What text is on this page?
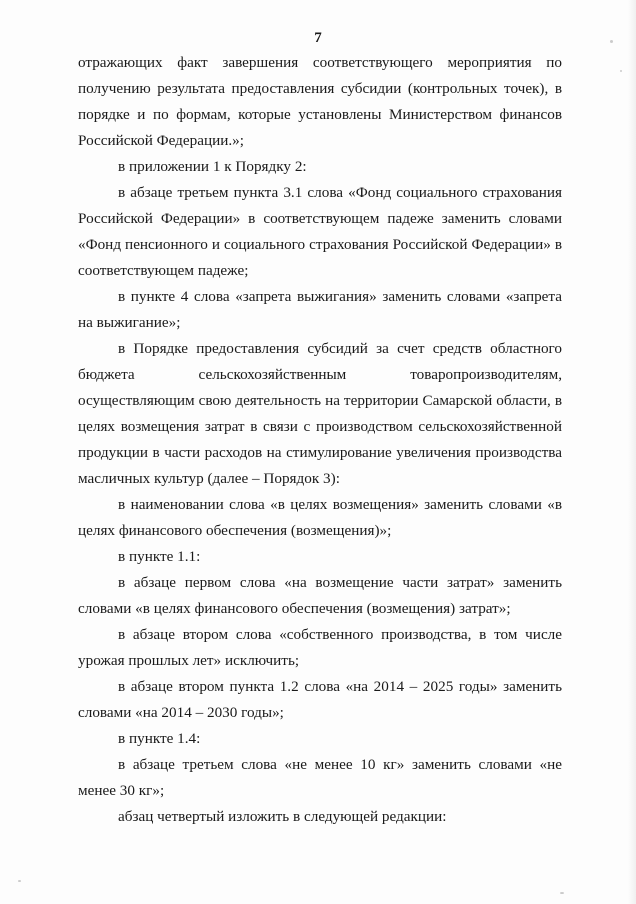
7

отражающих факт завершения соответствующего мероприятия по получению результата предоставления субсидии (контрольных точек), в порядке и по формам, которые установлены Министерством финансов Российской Федерации.»;

в приложении 1 к Порядку 2:

в абзаце третьем пункта 3.1 слова «Фонд социального страхования Российской Федерации» в соответствующем падеже заменить словами «Фонд пенсионного и социального страхования Российской Федерации» в соответствующем падеже;

в пункте 4 слова «запрета выжигания» заменить словами «запрета на выжигание»;

в Порядке предоставления субсидий за счет средств областного бюджета сельскохозяйственным товаропроизводителям, осуществляющим свою деятельность на территории Самарской области, в целях возмещения затрат в связи с производством сельскохозяйственной продукции в части расходов на стимулирование увеличения производства масличных культур (далее – Порядок 3):

в наименовании слова «в целях возмещения» заменить словами «в целях финансового обеспечения (возмещения)»;

в пункте 1.1:

в абзаце первом слова «на возмещение части затрат» заменить словами «в целях финансового обеспечения (возмещения) затрат»;

в абзаце втором слова «собственного производства, в том числе урожая прошлых лет» исключить;

в абзаце втором пункта 1.2 слова «на 2014 – 2025 годы» заменить словами «на 2014 – 2030 годы»;

в пункте 1.4:

в абзаце третьем слова «не менее 10 кг» заменить словами «не менее 30 кг»;

абзац четвертый изложить в следующей редакции:
